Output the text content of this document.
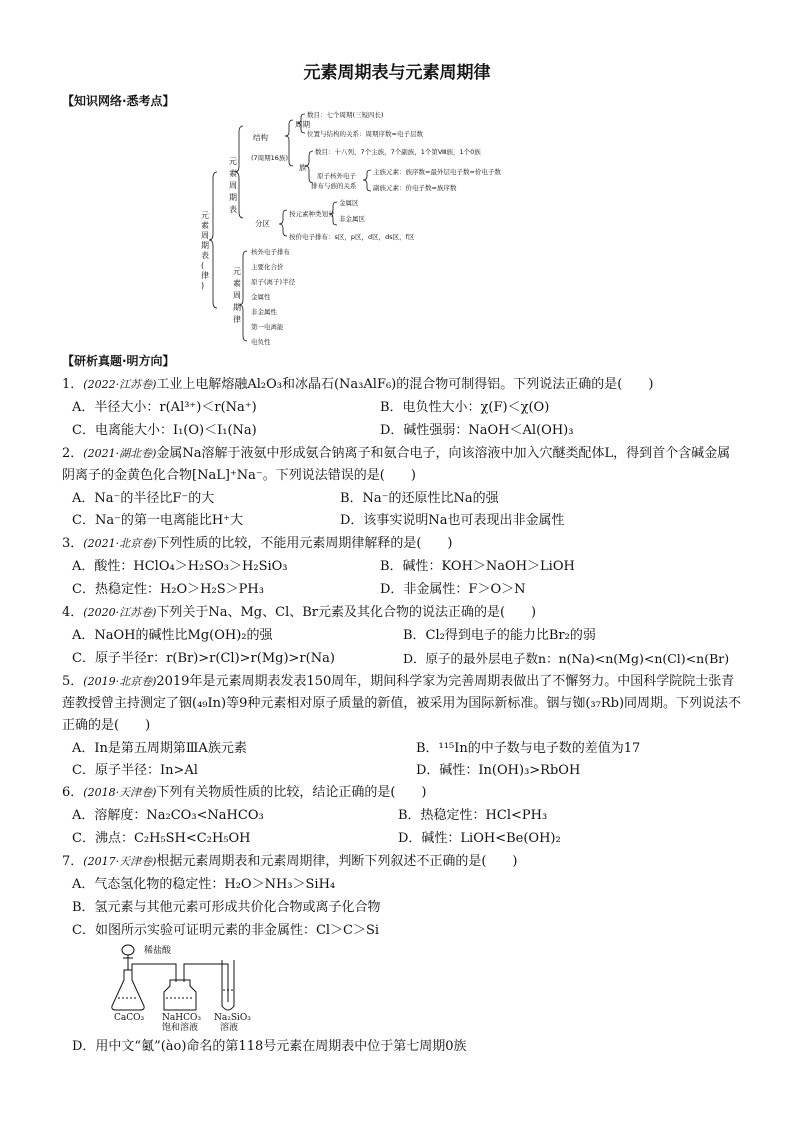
元素周期表与元素周期律
【知识网络·悉考点】
元
素
周
期
表
(
律
)
元
素
周
期
表
元
素
周
期
律
结构
(7周期16族)
周期
数目：七个周期(三短四长)
位置与结构的关系：周期序数=电子层数
族
数目：十八列，7个主族，7个副族，1个第Ⅷ族，1个0族
原子核外电子
排布与族的关系
主族元素：族序数=最外层电子数=价电子数
副族元素：价电子数=族序数
分区
按元素种类划分
金属区
非金属区
按价电子排布：s区，p区，d区，ds区，f区
核外电子排布
主要化合价
原子(离子)半径
金属性
非金属性
第一电离能
电负性
【研析真题·明方向】
1．(2022·江苏卷)工业上电解熔融Al₂O₃和冰晶石(Na₃AlF₆)的混合物可制得铝。下列说法正确的是(　　)
A．半径大小：r(Al³⁺)＜r(Na⁺)	B．电负性大小：χ(F)＜χ(O)
C．电离能大小：I₁(O)＜I₁(Na)	D．碱性强弱：NaOH＜Al(OH)₃
2．(2021·湖北卷)金属Na溶解于液氨中形成氨合钠离子和氨合电子，向该溶液中加入穴醚类配体L，得到首个含碱金属阴离子的金黄色化合物[NaL]⁺Na⁻。下列说法错误的是(　　)
A．Na⁻的半径比F⁻的大	B．Na⁻的还原性比Na的强
C．Na⁻的第一电离能比H⁺大	D．该事实说明Na也可表现出非金属性
3．(2021·北京卷)下列性质的比较，不能用元素周期律解释的是(　　)
A．酸性：HClO₄＞H₂SO₃＞H₂SiO₃	B．碱性：KOH＞NaOH＞LiOH
C．热稳定性：H₂O＞H₂S＞PH₃	D．非金属性：F＞O＞N
4．(2020·江苏卷)下列关于Na、Mg、Cl、Br元素及其化合物的说法正确的是(　　)
A．NaOH的碱性比Mg(OH)₂的强	B．Cl₂得到电子的能力比Br₂的弱
C．原子半径r：r(Br)>r(Cl)>r(Mg)>r(Na)	D．原子的最外层电子数n：n(Na)<n(Mg)<n(Cl)<n(Br)
5．(2019·北京卷)2019年是元素周期表发表150周年，期间科学家为完善周期表做出了不懈努力。中国科学院院士张青莲教授曾主持测定了铟(₄₉In)等9种元素相对原子质量的新值，被采用为国际新标准。铟与铷(₃₇Rb)同周期。下列说法不正确的是(　　)
A．In是第五周期第ⅢA族元素	B．¹¹⁵In的中子数与电子数的差值为17
C．原子半径：In>Al	D．碱性：In(OH)₃>RbOH
6．(2018·天津卷)下列有关物质性质的比较，结论正确的是(　　)
A．溶解度：Na₂CO₃<NaHCO₃	B．热稳定性：HCl<PH₃
C．沸点：C₂H₅SH<C₂H₅OH	D．碱性：LiOH<Be(OH)₂
7．(2017·天津卷)根据元素周期表和元素周期律，判断下列叙述不正确的是(　　)
A．气态氢化物的稳定性：H₂O＞NH₃＞SiH₄
B．氢元素与其他元素可形成共价化合物或离子化合物
C．如图所示实验可证明元素的非金属性：Cl＞C＞Si
稀盐酸
CaCO₃ NaHCO₃
饱和溶液
Na₂SiO₃
溶液
D．用中文“鿫”(ào)命名的第118号元素在周期表中位于第七周期0族
